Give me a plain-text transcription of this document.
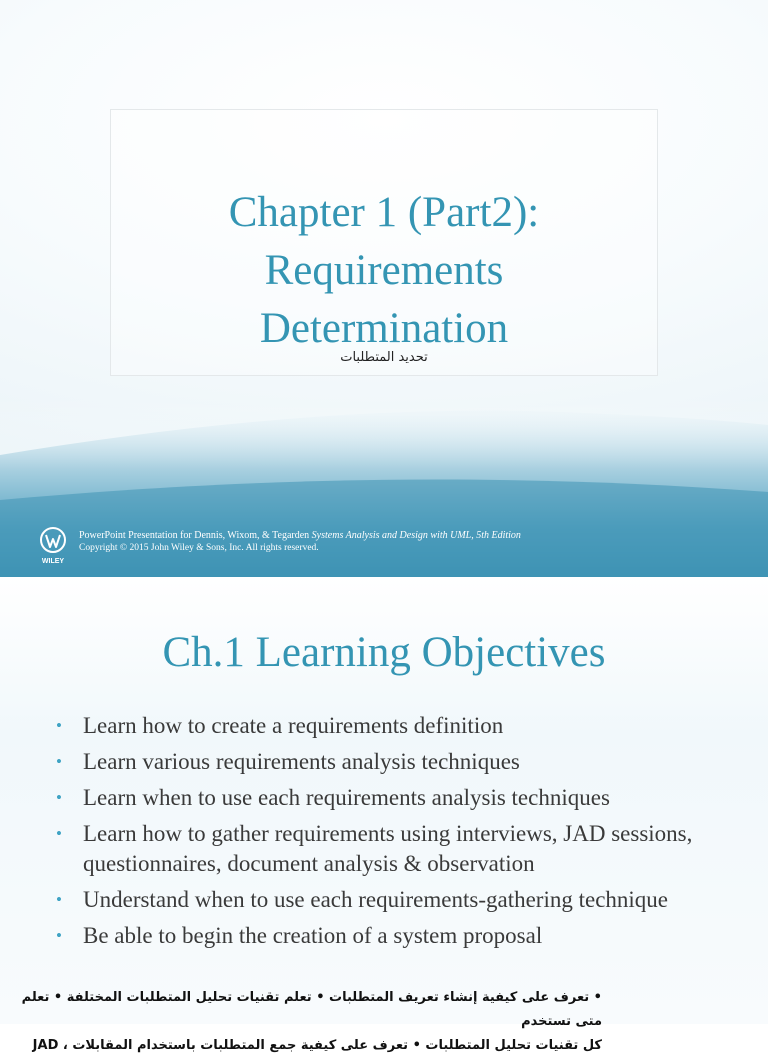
Chapter 1 (Part2):
Requirements
Determination
تحديد المتطلبات
WILEY
PowerPoint Presentation for Dennis, Wixom, & Tegarden Systems Analysis and Design with UML, 5th Edition
Copyright © 2015 John Wiley & Sons, Inc. All rights reserved.
Ch.1 Learning Objectives
• Learn how to create a requirements definition
• Learn various requirements analysis techniques
• Learn when to use each requirements analysis techniques
• Learn how to gather requirements using interviews, JAD sessions, questionnaires, document analysis & observation
• Understand when to use each requirements-gathering technique
• Be able to begin the creation of a system proposal
• تعرف على كيفية إنشاء تعريف المتطلبات • تعلم تقنيات تحليل المتطلبات المختلفة • تعلم متى تستخدم
كل تقنيات تحليل المتطلبات • تعرف على كيفية جمع المتطلبات باستخدام المقابلات ، JAD
